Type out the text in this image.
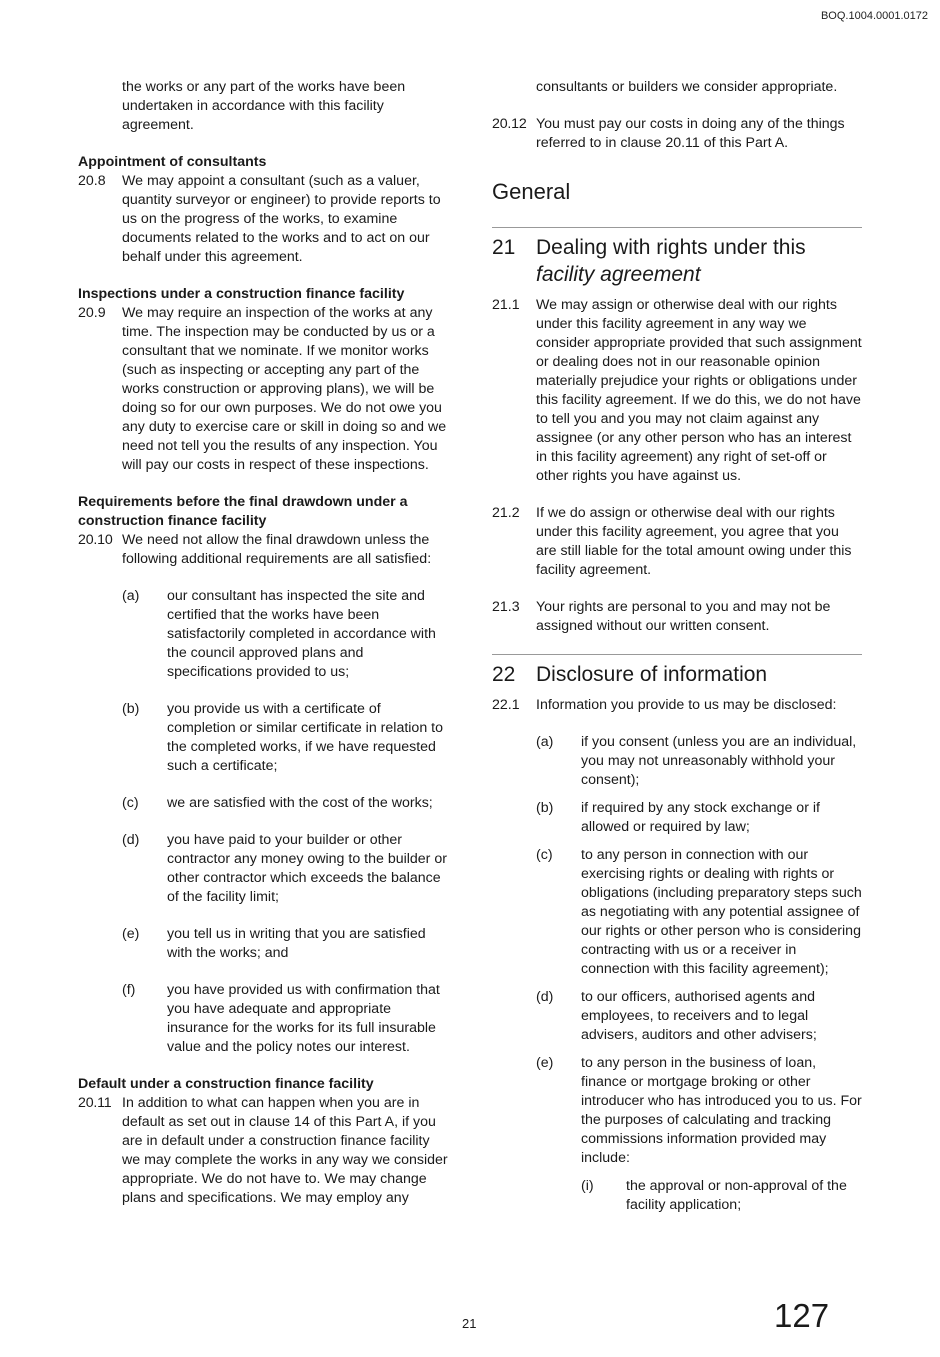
BOQ.1004.0001.0172

the works or any part of the works have been undertaken in accordance with this facility agreement.

Appointment of consultants

20.8	We may appoint a consultant (such as a valuer, quantity surveyor or engineer) to provide reports to us on the progress of the works, to examine documents related to the works and to act on our behalf under this agreement.

Inspections under a construction finance facility

20.9	We may require an inspection of the works at any time. The inspection may be conducted by us or a consultant that we nominate. If we monitor works (such as inspecting or accepting any part of the works construction or approving plans), we will be doing so for our own purposes. We do not owe you any duty to exercise care or skill in doing so and we need not tell you the results of any inspection. You will pay our costs in respect of these inspections.

Requirements before the final drawdown under a construction finance facility

20.10 We need not allow the final drawdown unless the following additional requirements are all satisfied:
(a)	our consultant has inspected the site and certified that the works have been satisfactorily completed in accordance with the council approved plans and specifications provided to us;
(b)	you provide us with a certificate of completion or similar certificate in relation to the completed works, if we have requested such a certificate;
(c)	we are satisfied with the cost of the works;
(d)	you have paid to your builder or other contractor any money owing to the builder or other contractor which exceeds the balance of the facility limit;
(e)	you tell us in writing that you are satisfied with the works; and
(f)	you have provided us with confirmation that you have adequate and appropriate insurance for the works for its full insurable value and the policy notes our interest.

Default under a construction finance facility

20.11 In addition to what can happen when you are in default as set out in clause 14 of this Part A, if you are in default under a construction finance facility we may complete the works in any way we consider appropriate. We do not have to. We may change plans and specifications. We may employ any

consultants or builders we consider appropriate.

20.12 You must pay our costs in doing any of the things referred to in clause 20.11 of this Part A.
General
21 Dealing with rights under this
facility agreement
21.1	We may assign or otherwise deal with our rights under this facility agreement in any way we consider appropriate provided that such assignment or dealing does not in our reasonable opinion materially prejudice your rights or obligations under this facility agreement. If we do this, we do not have to tell you and you may not claim against any assignee (or any other person who has an interest in this facility agreement) any right of set-off or other rights you have against us.
21.2	If we do assign or otherwise deal with our rights under this facility agreement, you agree that you are still liable for the total amount owing under this facility agreement.
21.3	Your rights are personal to you and may not be assigned without our written consent.
22 Disclosure of information
22.1	Information you provide to us may be disclosed:
(a)	if you consent (unless you are an individual, you may not unreasonably withhold your consent);
(b)	if required by any stock exchange or if allowed or required by law;
(c)	to any person in connection with our exercising rights or dealing with rights or obligations (including preparatory steps such as negotiating with any potential assignee of our rights or other person who is considering contracting with us or a receiver in connection with this facility agreement);
(d)	to our officers, authorised agents and employees, to receivers and to legal advisers, auditors and other advisers;
(e)	to any person in the business of loan, finance or mortgage broking or other introducer who has introduced you to us. For the purposes of calculating and tracking commissions information provided may include:
(i)	the approval or non-approval of the facility application;
21	127
